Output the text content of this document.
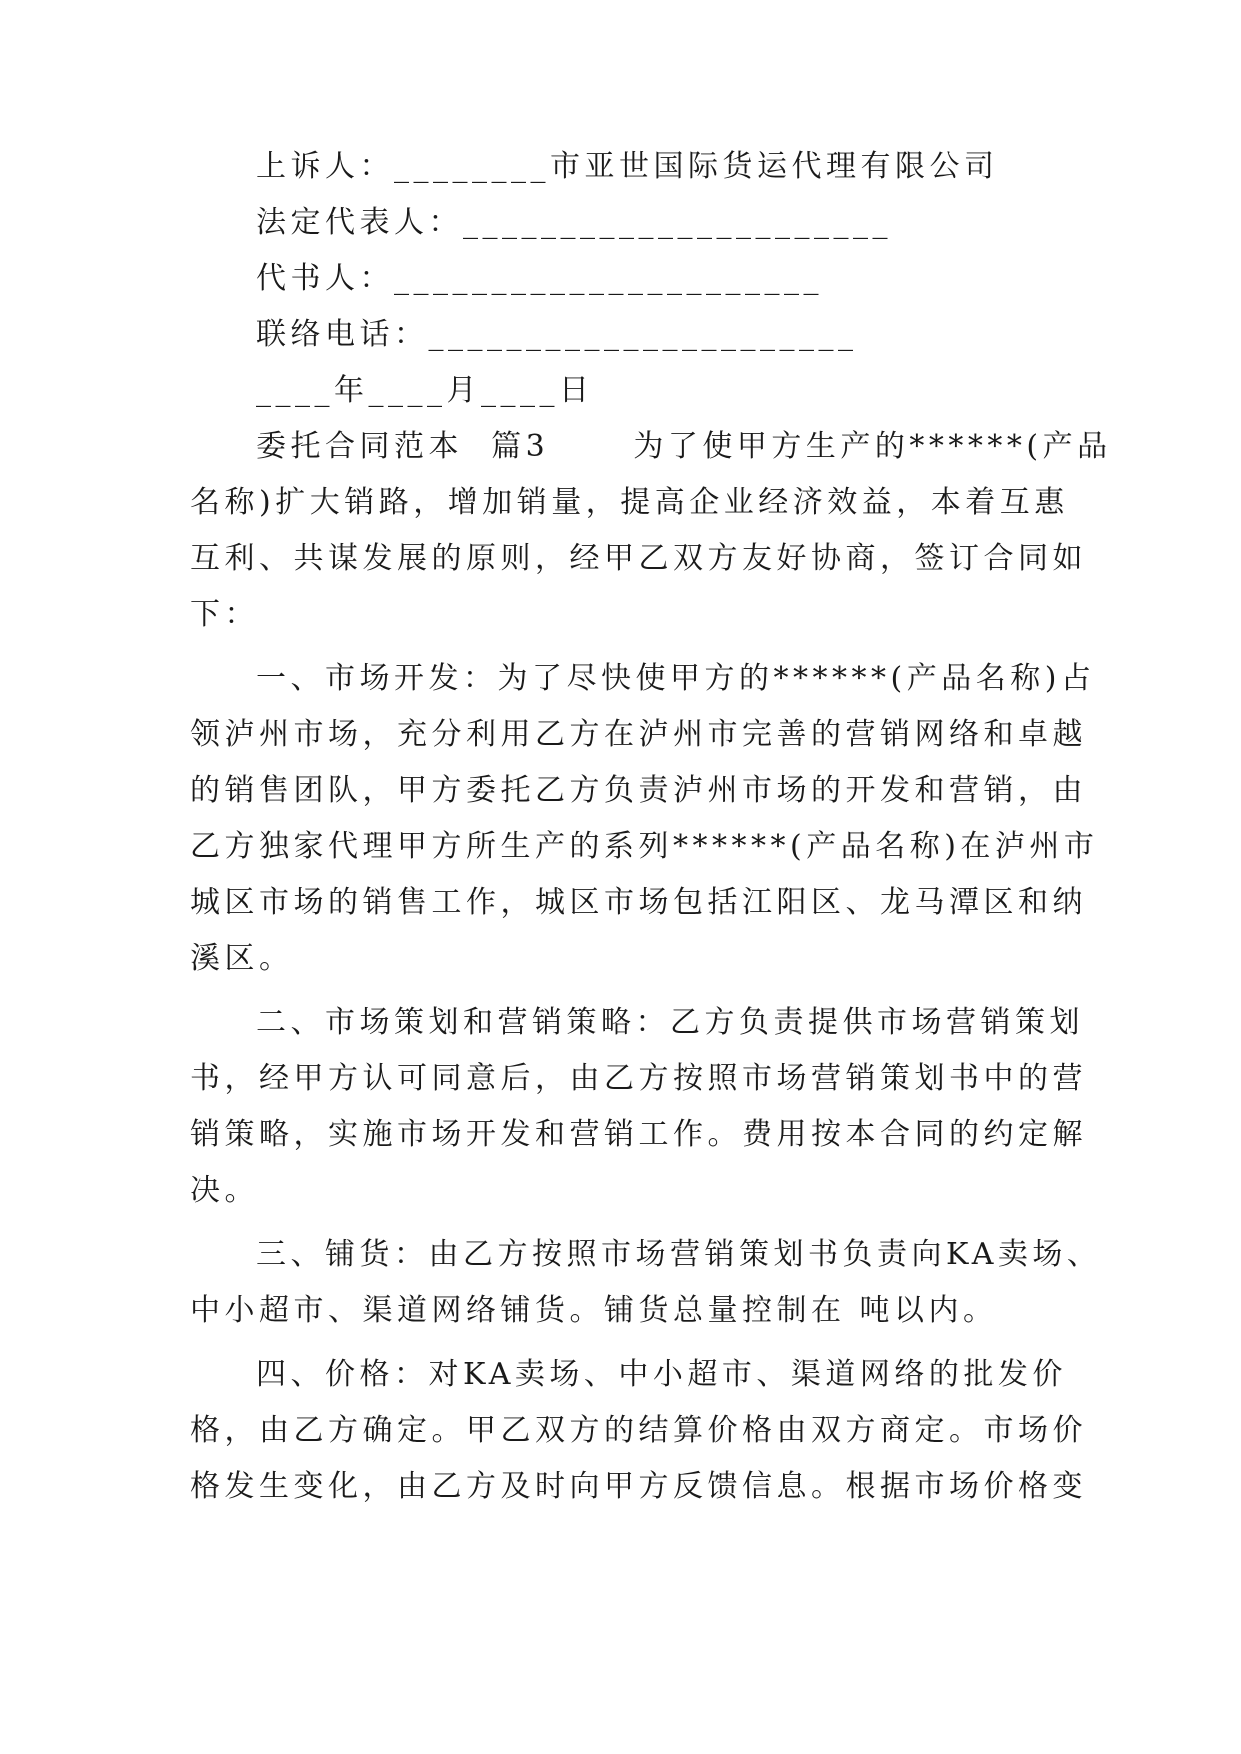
上诉人：________市亚世国际货运代理有限公司
法定代表人：______________________
代书人：______________________
联络电话：______________________
____年____月____日
委托合同范本  篇3      为了使甲方生产的******(产品
名称)扩大销路，增加销量，提高企业经济效益，本着互惠
互利、共谋发展的原则，经甲乙双方友好协商，签订合同如
下：
一、市场开发：为了尽快使甲方的******(产品名称)占
领泸州市场，充分利用乙方在泸州市完善的营销网络和卓越
的销售团队，甲方委托乙方负责泸州市场的开发和营销，由
乙方独家代理甲方所生产的系列******(产品名称)在泸州市
城区市场的销售工作，城区市场包括江阳区、龙马潭区和纳
溪区。
二、市场策划和营销策略：乙方负责提供市场营销策划
书，经甲方认可同意后，由乙方按照市场营销策划书中的营
销策略，实施市场开发和营销工作。费用按本合同的约定解
决。
三、铺货：由乙方按照市场营销策划书负责向KA卖场、
中小超市、渠道网络铺货。铺货总量控制在 吨以内。
四、价格：对KA卖场、中小超市、渠道网络的批发价
格，由乙方确定。甲乙双方的结算价格由双方商定。市场价
格发生变化，由乙方及时向甲方反馈信息。根据市场价格变
